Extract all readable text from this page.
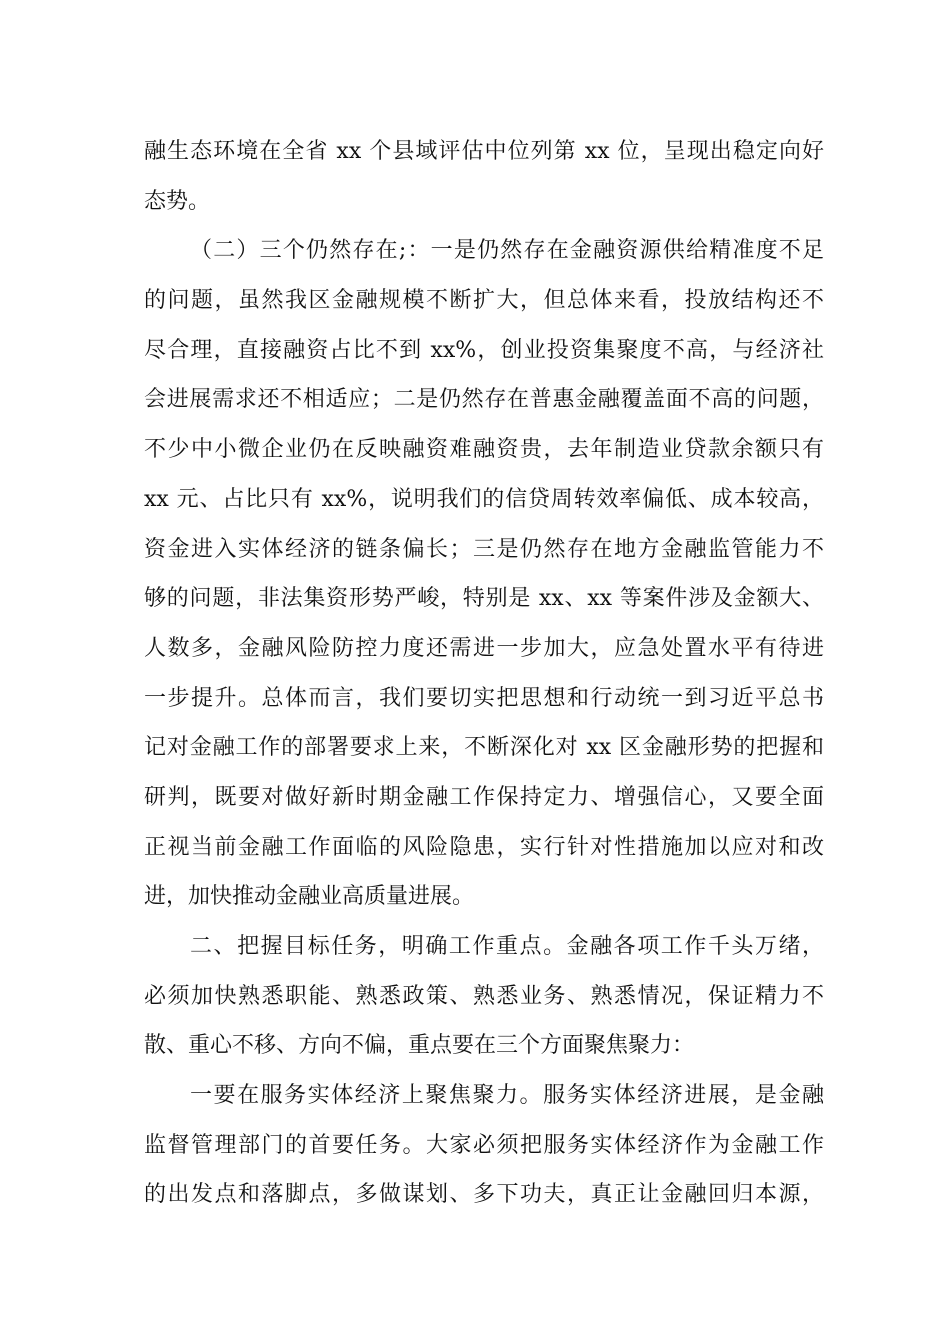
融生态环境在全省 xx 个县域评估中位列第 xx 位，呈现出稳定向好
态势。
（二）三个仍然存在;：一是仍然存在金融资源供给精准度不足
的问题，虽然我区金融规模不断扩大，但总体来看，投放结构还不
尽合理，直接融资占比不到 xx%，创业投资集聚度不高，与经济社
会进展需求还不相适应；二是仍然存在普惠金融覆盖面不高的问题，
不少中小微企业仍在反映融资难融资贵，去年制造业贷款余额只有
xx 元、占比只有 xx%，说明我们的信贷周转效率偏低、成本较高，
资金进入实体经济的链条偏长；三是仍然存在地方金融监管能力不
够的问题，非法集资形势严峻，特别是 xx、xx 等案件涉及金额大、
人数多，金融风险防控力度还需进一步加大，应急处置水平有待进
一步提升。总体而言，我们要切实把思想和行动统一到习近平总书
记对金融工作的部署要求上来，不断深化对 xx 区金融形势的把握和
研判，既要对做好新时期金融工作保持定力、增强信心，又要全面
正视当前金融工作面临的风险隐患，实行针对性措施加以应对和改
进，加快推动金融业高质量进展。
二、把握目标任务，明确工作重点。金融各项工作千头万绪，
必须加快熟悉职能、熟悉政策、熟悉业务、熟悉情况，保证精力不
散、重心不移、方向不偏，重点要在三个方面聚焦聚力：
一要在服务实体经济上聚焦聚力。服务实体经济进展，是金融
监督管理部门的首要任务。大家必须把服务实体经济作为金融工作
的出发点和落脚点，多做谋划、多下功夫，真正让金融回归本源，
